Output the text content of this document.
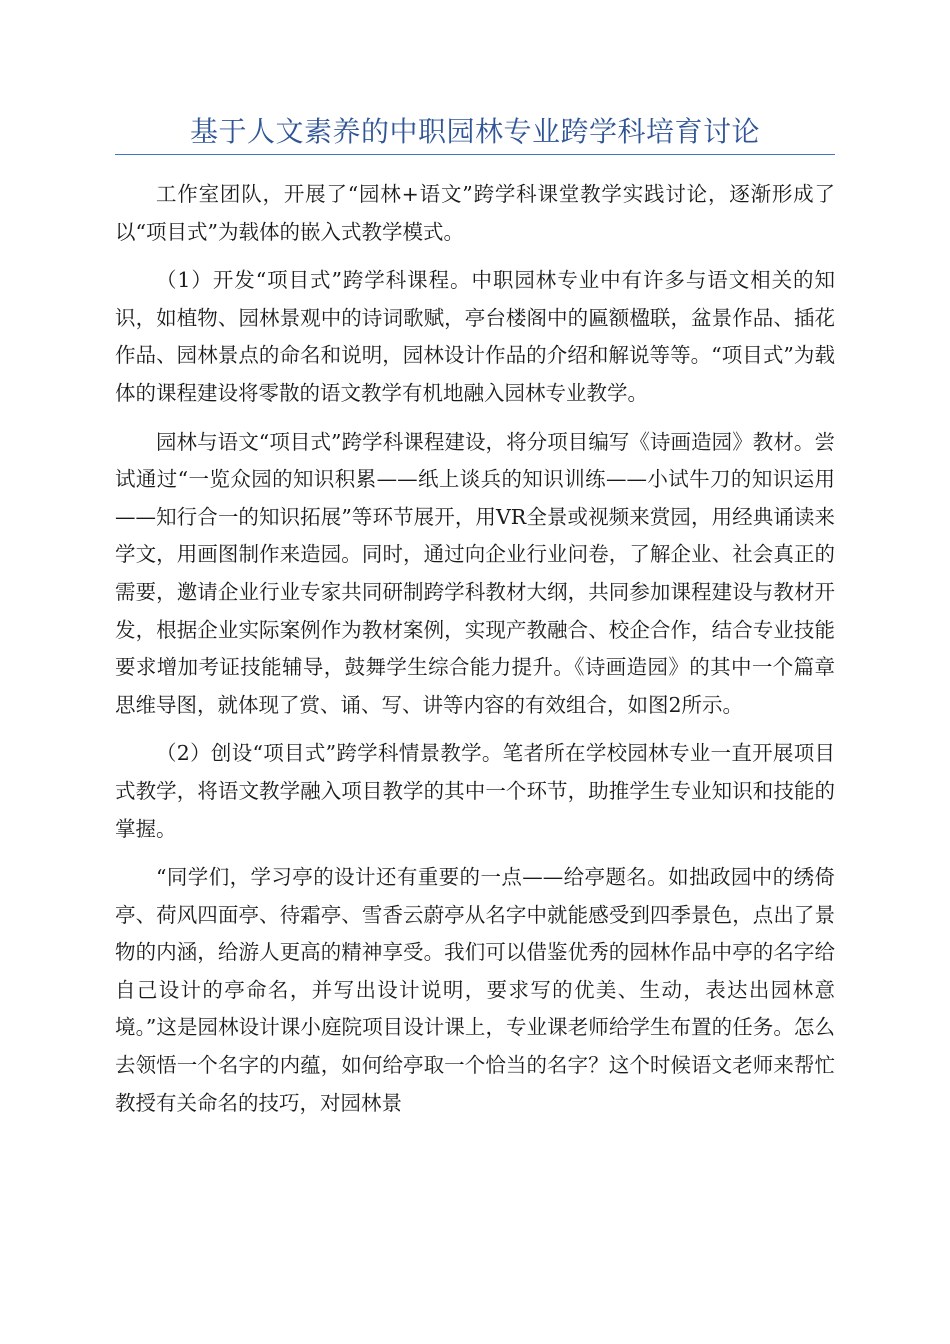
基于人文素养的中职园林专业跨学科培育讨论

工作室团队，开展了“园林+语文”跨学科课堂教学实践讨论，逐渐形成了以“项目式”为载体的嵌入式教学模式。

（1）开发“项目式”跨学科课程。中职园林专业中有许多与语文相关的知识，如植物、园林景观中的诗词歌赋，亭台楼阁中的匾额楹联，盆景作品、插花作品、园林景点的命名和说明，园林设计作品的介绍和解说等等。“项目式”为载体的课程建设将零散的语文教学有机地融入园林专业教学。

园林与语文“项目式”跨学科课程建设，将分项目编写《诗画造园》教材。尝试通过“一览众园的知识积累——纸上谈兵的知识训练——小试牛刀的知识运用——知行合一的知识拓展”等环节展开，用VR全景或视频来赏园，用经典诵读来学文，用画图制作来造园。同时，通过向企业行业问卷，了解企业、社会真正的需要，邀请企业行业专家共同研制跨学科教材大纲，共同参加课程建设与教材开发，根据企业实际案例作为教材案例，实现产教融合、校企合作，结合专业技能要求增加考证技能辅导，鼓舞学生综合能力提升。《诗画造园》的其中一个篇章思维导图，就体现了赏、诵、写、讲等内容的有效组合，如图2所示。

（2）创设“项目式”跨学科情景教学。笔者所在学校园林专业一直开展项目式教学，将语文教学融入项目教学的其中一个环节，助推学生专业知识和技能的掌握。

“同学们，学习亭的设计还有重要的一点——给亭题名。如拙政园中的绣倚亭、荷风四面亭、待霜亭、雪香云蔚亭从名字中就能感受到四季景色，点出了景物的内涵，给游人更高的精神享受。我们可以借鉴优秀的园林作品中亭的名字给自己设计的亭命名，并写出设计说明，要求写的优美、生动，表达出园林意境。”这是园林设计课小庭院项目设计课上，专业课老师给学生布置的任务。怎么去领悟一个名字的内蕴，如何给亭取一个恰当的名字？这个时候语文老师来帮忙教授有关命名的技巧，对园林景
